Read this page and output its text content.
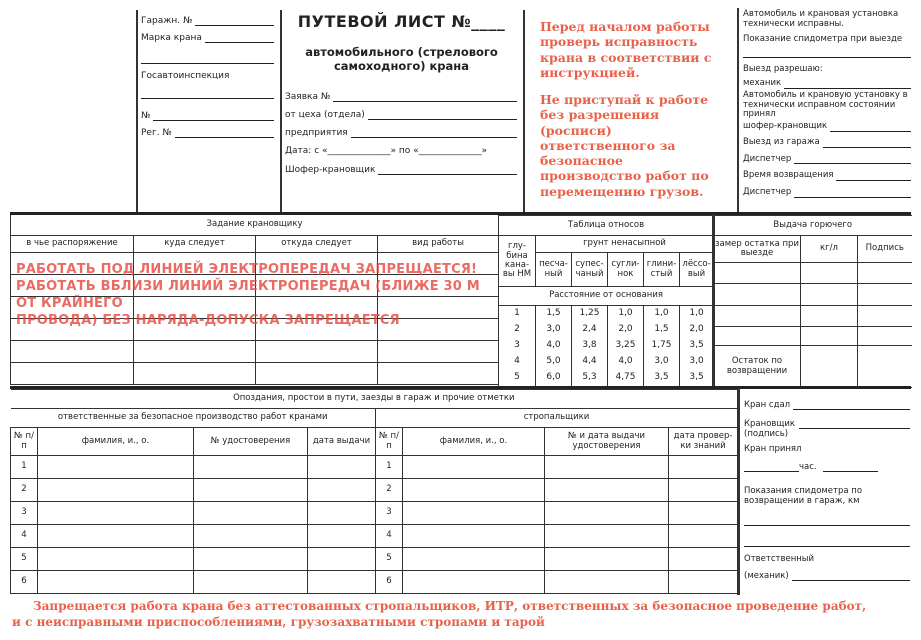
Гаражн. №
Марка крана
Госавтоинспекция
№
Рег. №
ПУТЕВОЙ ЛИСТ №____
автомобильного (стрелового самоходного) крана
Заявка №
от цеха (отдела)
предприятия
Дата: с «______________» по «______________»
Шофер-крановщик
Перед началом работы проверь исправность крана в соответствии с инструкцией.
Не приступай к работе без разрешения (росписи) ответственного за безопасное производство работ по перемещению грузов.
Автомобиль и крановая установка технически исправны.
Показание спидометра при выезде
Выезд разрешаю:
механик
Автомобиль и крановую установку в технически исправном состоянии принял
шофер-крановщик
Выезд из гаража
Диспетчер
Время возвращения
Диспетчер
Задание крановщику			
в чье распоряжение	куда следует	откуда следует	вид работы

РАБОТАТЬ ПОД ЛИНИЕЙ ЭЛЕКТРОПЕРЕДАЧ ЗАПРЕЩАЕТСЯ!
РАБОТАТЬ ВБЛИЗИ ЛИНИЙ ЭЛЕКТРОПЕРЕДАЧ (БЛИЖЕ 30 М ОТ КРАЙНЕГО
ПРОВОДА) БЕЗ НАРЯДА-ДОПУСКА ЗАПРЕЩАЕТСЯ
Таблица относов					
глу-бина кана-вы НМ	грунт ненасыпной				
	песча-ный	супес-чаный	сугли-нок	глини-стый	лёссо-вый
Расстояние от основания					
1	1,5	1,25	1,0	1,0	1,0
2	3,0	2,4	2,0	1,5	2,0
3	4,0	3,8	3,25	1,75	3,5
4	5,0	4,4	4,0	3,0	3,0
5	6,0	5,3	4,75	3,5	3,5
Выдача горючего		
замер остатка при выезде	кг/л	Подпись

Остаток по возвращении		
Опоздания, простои в пути, заезды в гараж и прочие отметки							
ответственные за безопасное производство работ кранами				стропальщики			
№ п/п	фамилия, и., о.	№ удостоверения	дата выдачи	№ п/п	фамилия, и., о.	№ и дата выдачи удостоверения	дата провер-ки знаний
1				1			
2				2			
3				3			
4				4			
5				5			
6				6			
Кран сдал
Крановщик (подпись)
Кран принял
час.
Показания спидометра по возвращении в гараж, км
Ответственный
(механик)
Запрещается работа крана без аттестованных стропальщиков, ИТР, ответственных за безопасное проведение работ,
и с неисправными приспособлениями, грузозахватными стропами и тарой
